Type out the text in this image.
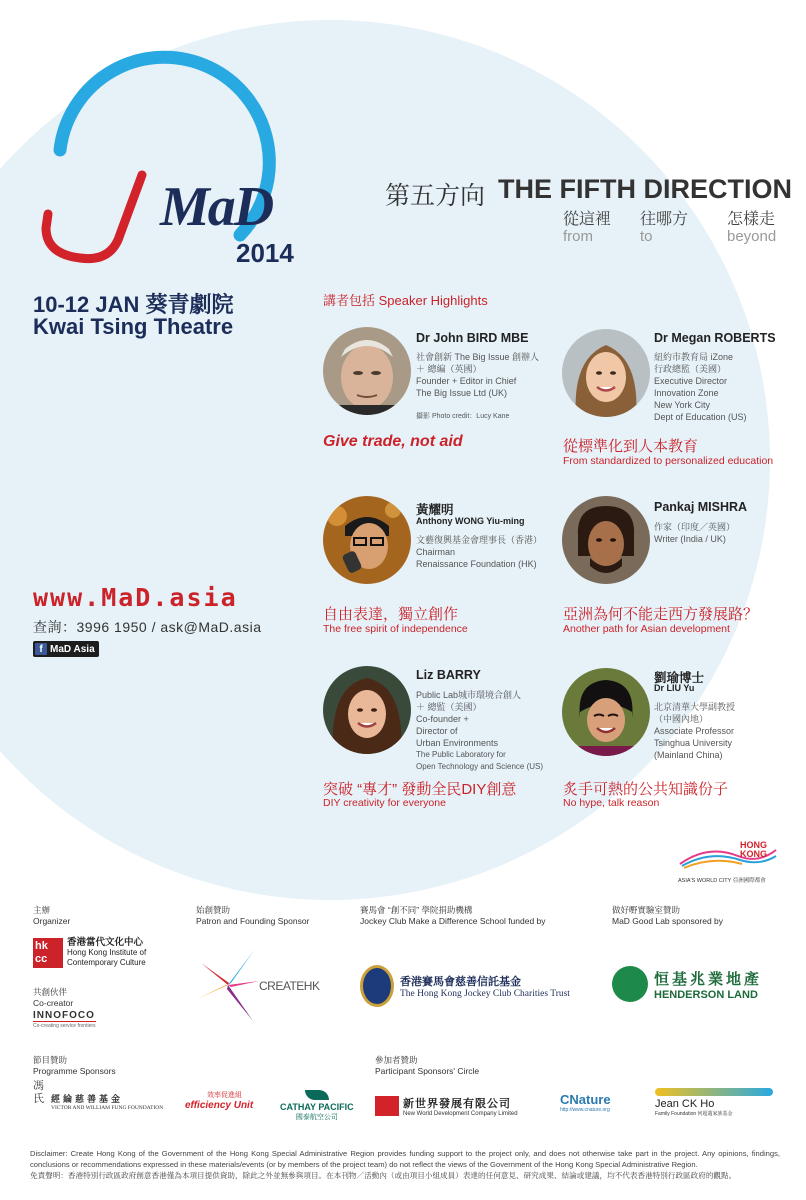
MaD
2014
第五方向 THE FIFTH DIRECTION
從這裡 往哪方 怎樣走
from	to	beyond
10-12 JAN 葵青劇院
Kwai Tsing Theatre
www.MaD.asia
查詢：3996 1950 / ask@MaD.asia
f MaD Asia
講者包括 Speaker Highlights
Dr John BIRD MBE
社會創新 The Big Issue 創辦人
＋ 總編（英國）
Founder + Editor in Chief
The Big Issue Ltd (UK)
攝影 Photo credit：Lucy Kane
Give trade, not aid
Dr Megan ROBERTS
紐約市教育局 iZone
行政總監（美國）
Executive Director
Innovation Zone
New York City
Dept of Education (US)
從標準化到人本教育
From standardized to personalized education
黃耀明
Anthony WONG Yiu-ming
文藝復興基金會理事長（香港）
Chairman
Renaissance Foundation (HK)
自由表達，獨立創作
The free spirit of independence
Pankaj MISHRA
作家（印度／英國）
Writer (India / UK)
亞洲為何不能走西方發展路？
Another path for Asian development
Liz BARRY
Public Lab城市環境合創人
＋ 總監（美國）
Co-founder +
Director of
Urban Environments
The Public Laboratory for
Open Technology and Science (US)
突破 “專才” 發動全民DIY創意
DIY creativity for everyone
劉瑜博士
Dr LIU Yu
北京清華大學副教授
（中國內地）
Associate Professor
Tsinghua University
(Mainland China)
炙手可熱的公共知識份子
No hype, talk reason
HONG
KONG
ASIA'S WORLD CITY 亞洲國際都會
主辦
Organizer
hk
cc
香港當代文化中心
Hong Kong Institute of Contemporary Culture
共創伙伴
Co-creator
INNOFOCO
Co-creating service frontiers
始創贊助
Patron and Founding Sponsor
CREATEHK
賽馬會 “創不同” 學院捐助機構
Jockey Club Make a Difference School funded by
香港賽馬會慈善信託基金
The Hong Kong Jockey Club Charities Trust
做好嘢實驗室贊助
MaD Good Lab sponsored by
恒基兆業地產
HENDERSON LAND
節目贊助
Programme Sponsors
馮氏 經綸慈善基金
VICTOR AND WILLIAM FUNG FOUNDATION
效率促進組
efficiency Unit	CATHAY PACIFIC
國泰航空公司
參加者贊助
Participant Sponsors' Circle
新世界發展有限公司
New World Development Company Limited
CNature
http://www.cnature.org	Jean CK Ho
Family Foundation 何超蕸家族基金
Disclaimer: Create Hong Kong of the Government of the Hong Kong Special Administrative Region provides funding support to the project only, and does not otherwise take part in the project. Any opinions, findings, conclusions or recommendations expressed in these materials/events (or by members of the project team) do not reflect the views of the Government of the Hong Kong Special Administrative Region.
免責聲明：香港特別行政區政府創意香港僅為本項目提供資助，除此之外並無參與項目。在本刊物／活動內（或由項目小組成員）表達的任何意見、研究成果、結論或建議，均不代表香港特別行政區政府的觀點。
